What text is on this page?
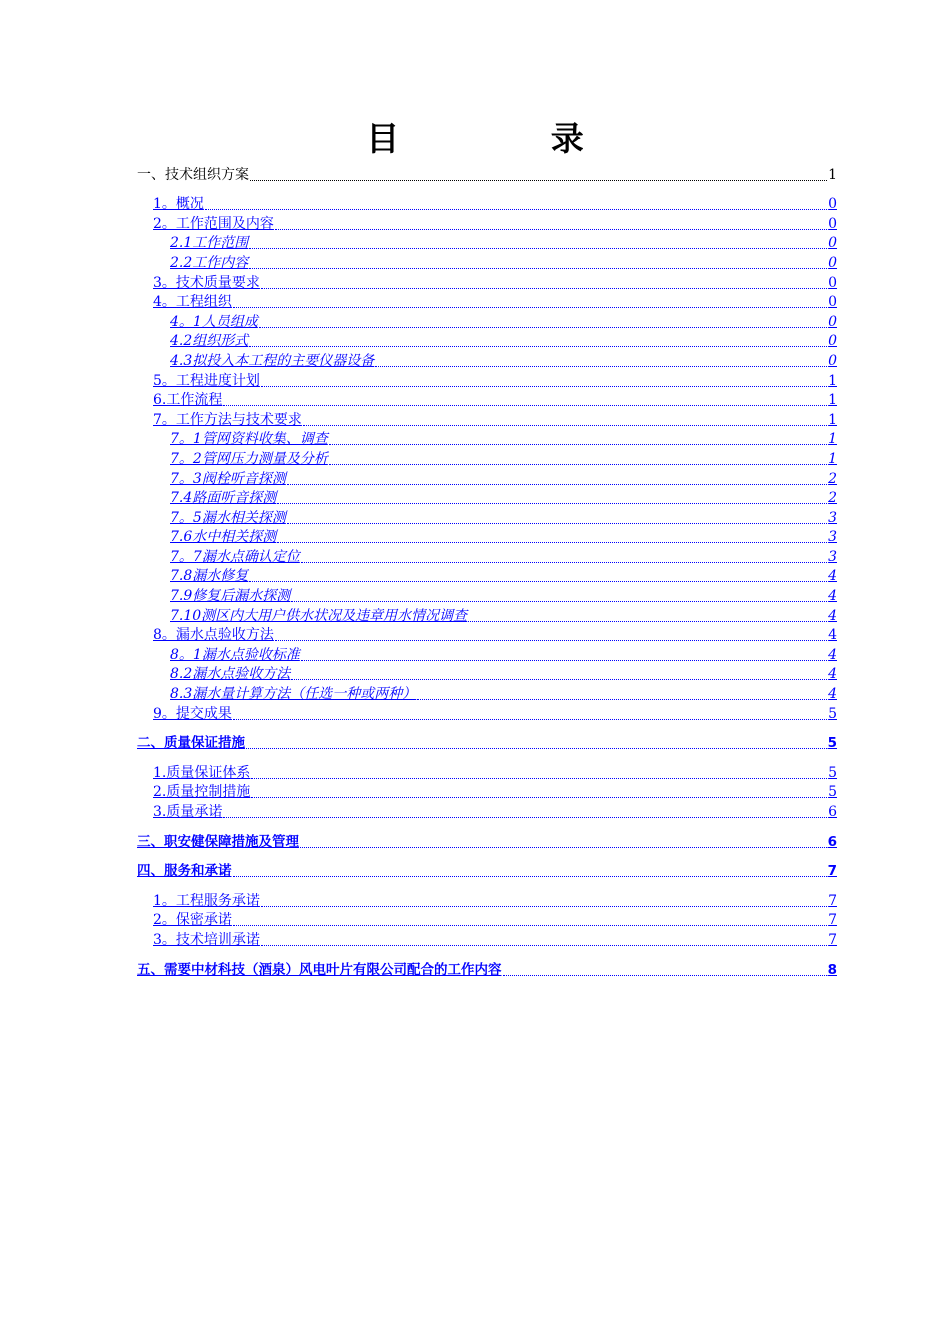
目 录
一、技术组织方案	1
1。概况	0
2。工作范围及内容	0
2.1工作范围	0
2.2工作内容	0
3。技术质量要求	0
4。工程组织	0
4。1人员组成	0
4.2组织形式	0
4.3拟投入本工程的主要仪器设备	0
5。工程进度计划	1
6.工作流程	1
7。工作方法与技术要求	1
7。1管网资料收集、调查	1
7。2管网压力测量及分析	1
7。3阀栓听音探测	2
7.4路面听音探测	2
7。5漏水相关探测	3
7.6水中相关探测	3
7。7漏水点确认定位	3
7.8漏水修复	4
7.9修复后漏水探测	4
7.10测区内大用户供水状况及违章用水情况调查	4
8。漏水点验收方法	4
8。1漏水点验收标准	4
8.2漏水点验收方法	4
8.3漏水量计算方法（任选一种或两种）	4
9。提交成果	5
二、质量保证措施	5
1.质量保证体系	5
2.质量控制措施	5
3.质量承诺	6
三、职安健保障措施及管理	6
四、服务和承诺	7
1。工程服务承诺	7
2。保密承诺	7
3。技术培训承诺	7
五、需要中材科技（酒泉）风电叶片有限公司配合的工作内容	8
